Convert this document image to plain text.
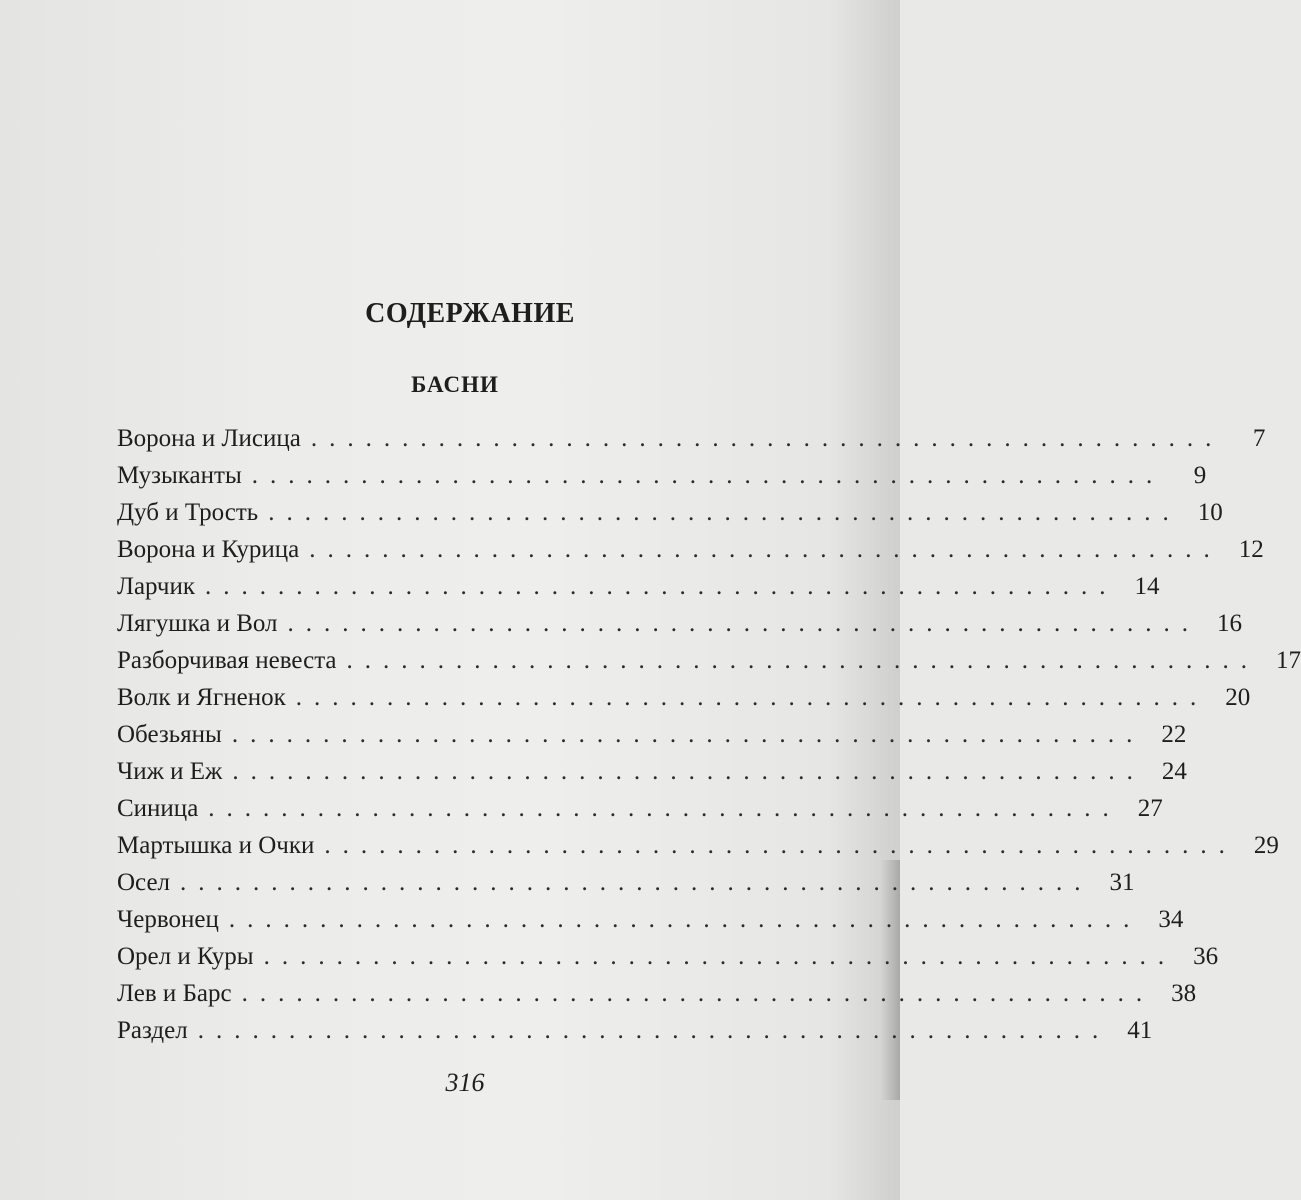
СОДЕРЖАНИЕ
БАСНИ
Ворона и Лисица ..................................................	7
Музыканты ..................................................	9
Дуб и Трость .................................................. 10
Ворона и Курица .................................................. 12
Ларчик .................................................. 14
Лягушка и Вол .................................................. 16
Разборчивая невеста .................................................. 17
Волк и Ягненок .................................................. 20
Обезьяны .................................................. 22
Чиж и Еж .................................................. 24
Синица .................................................. 27
Мартышка и Очки .................................................. 29
Осел .................................................. 31
Червонец .................................................. 34
Орел и Куры .................................................. 36
Лев и Барс .................................................. 38
Раздел .................................................. 41
316
